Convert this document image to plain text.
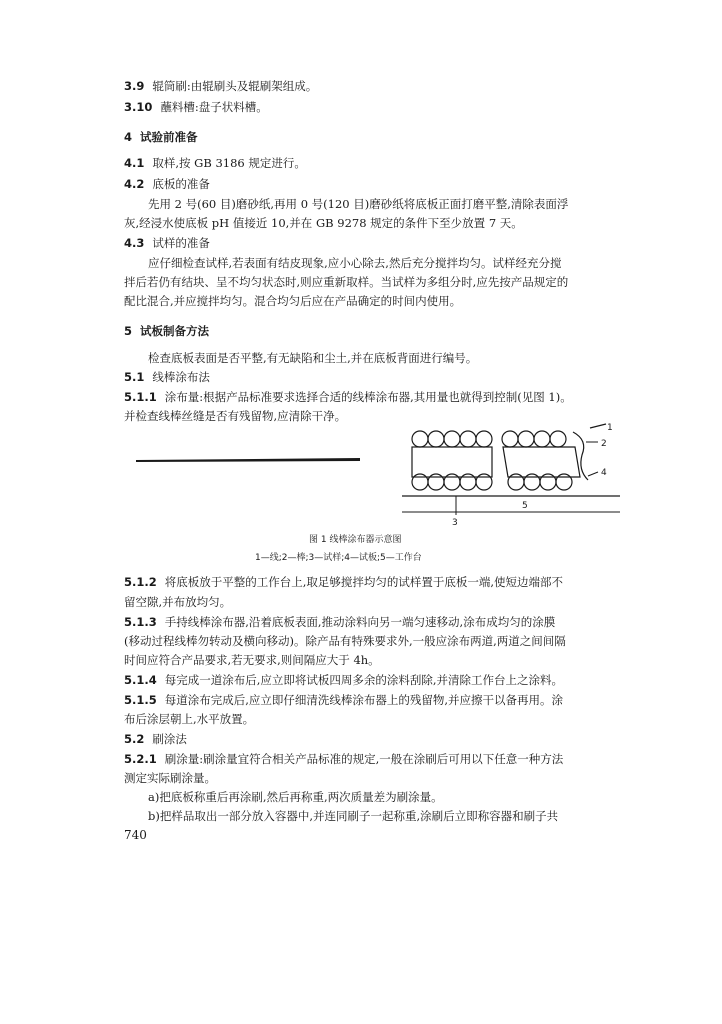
3.9 辊筒刷:由辊刷头及辊刷架组成。
3.10 蘸料槽:盘子状料槽。
4 试验前准备
4.1 取样,按 GB 3186 规定进行。
4.2 底板的准备
先用 2 号(60 目)磨砂纸,再用 0 号(120 目)磨砂纸将底板正面打磨平整,清除表面浮
灰,经浸水使底板 pH 值接近 10,并在 GB 9278 规定的条件下至少放置 7 天。
4.3 试样的准备
应仔细检查试样,若表面有结皮现象,应小心除去,然后充分搅拌均匀。试样经充分搅
拌后若仍有结块、呈不均匀状态时,则应重新取样。当试样为多组分时,应先按产品规定的
配比混合,并应搅拌均匀。混合均匀后应在产品确定的时间内使用。
5 试板制备方法
检查底板表面是否平整,有无缺陷和尘土,并在底板背面进行编号。
5.1 线棒涂布法
5.1.1 涂布量:根据产品标准要求选择合适的线棒涂布器,其用量也就得到控制(见图 1)。
并检查线棒丝缝是否有残留物,应清除干净。
1
2
3
4
5
图 1 线棒涂布器示意图
1—线;2—棒;3—试样;4—试板;5—工作台
5.1.2 将底板放于平整的工作台上,取足够搅拌均匀的试样置于底板一端,使短边端部不
留空隙,并布放均匀。
5.1.3 手持线棒涂布器,沿着底板表面,推动涂料向另一端匀速移动,涂布成均匀的涂膜
(移动过程线棒勿转动及横向移动)。除产品有特殊要求外,一般应涂布两道,两道之间间隔
时间应符合产品要求,若无要求,则间隔应大于 4h。
5.1.4 每完成一道涂布后,应立即将试板四周多余的涂料刮除,并清除工作台上之涂料。
5.1.5 每道涂布完成后,应立即仔细清洗线棒涂布器上的残留物,并应擦干以备再用。涂
布后涂层朝上,水平放置。
5.2 刷涂法
5.2.1 刷涂量:刷涂量宜符合相关产品标准的规定,一般在涂刷后可用以下任意一种方法
测定实际刷涂量。
a)把底板称重后再涂刷,然后再称重,两次质量差为刷涂量。
b)把样品取出一部分放入容器中,并连同刷子一起称重,涂刷后立即称容器和刷子共
740
